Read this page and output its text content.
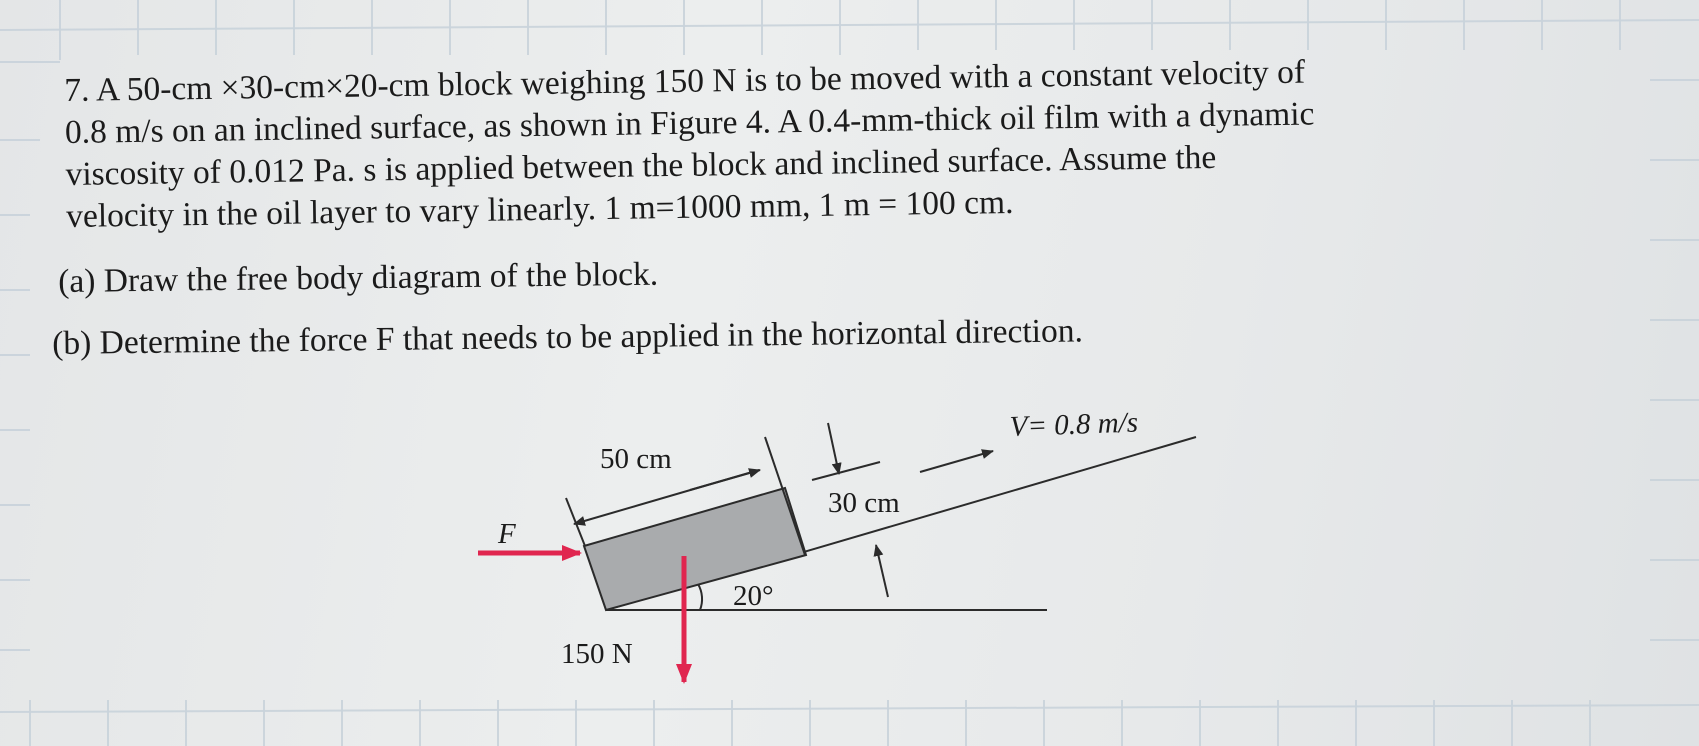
7. A 50-cm ×30-cm×20-cm block weighing 150 N is to be moved with a constant velocity of
0.8 m/s on an inclined surface, as shown in Figure 4. A 0.4-mm-thick oil film with a dynamic
viscosity of 0.012 Pa. s is applied between the block and inclined surface. Assume the
velocity in the oil layer to vary linearly. 1 m=1000 mm, 1 m = 100 cm.
(a) Draw the free body diagram of the block.
(b) Determine the force F that needs to be applied in the horizontal direction.
50 cm
30 cm
V= 0.8 m/s
F
20°
150 N
